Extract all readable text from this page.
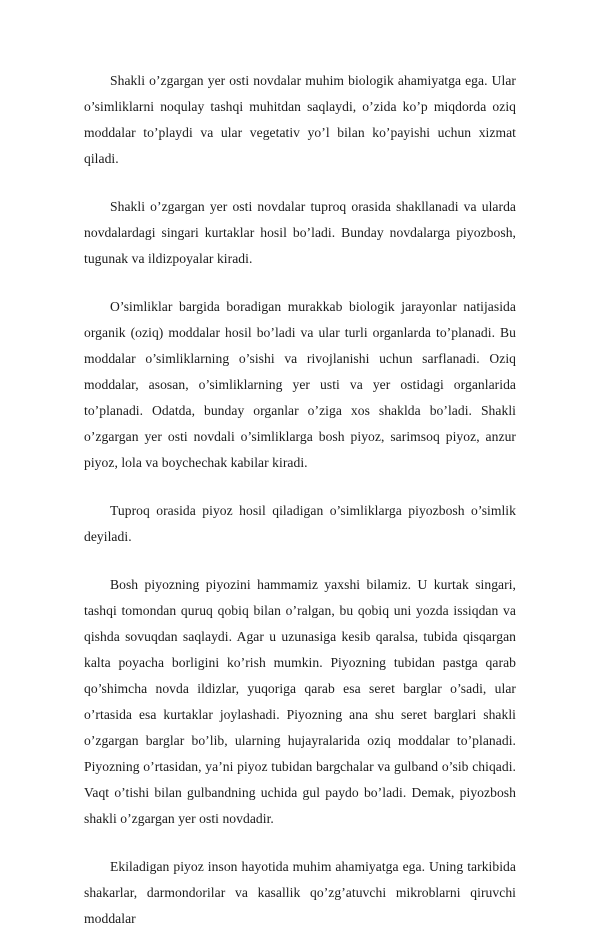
Shakli o’zgargan yer osti novdalar muhim biologik ahamiyatga ega. Ular o’simliklarni noqulay tashqi muhitdan saqlaydi, o’zida ko’p miqdorda oziq moddalar to’playdi va ular vegetativ yo’l bilan ko’payishi uchun xizmat qiladi.

Shakli o’zgargan yer osti novdalar tuproq orasida shakllanadi va ularda novdalardagi singari kurtaklar hosil bo’ladi. Bunday novdalarga piyozbosh, tugunak va ildizpoyalar kiradi.

O’simliklar bargida boradigan murakkab biologik jarayonlar natijasida organik (oziq) moddalar hosil bo’ladi va ular turli organlarda to’planadi. Bu moddalar o’simliklarning o’sishi va rivojlanishi uchun sarflanadi. Oziq moddalar, asosan, o’simliklarning yer usti va yer ostidagi organlarida to’planadi. Odatda, bunday organlar o’ziga xos shaklda bo’ladi. Shakli o’zgargan yer osti novdali o’simliklarga bosh piyoz, sarimsoq piyoz, anzur piyoz, lola va boychechak kabilar kiradi.

Tuproq orasida piyoz hosil qiladigan o’simliklarga piyozbosh o’simlik deyiladi.

Bosh piyozning piyozini hammamiz yaxshi bilamiz. U kurtak singari, tashqi tomondan quruq qobiq bilan o’ralgan, bu qobiq uni yozda issiqdan va qishda sovuqdan saqlaydi. Agar u uzunasiga kesib qaralsa, tubida qisqargan kalta poyacha borligini ko’rish mumkin. Piyozning tubidan pastga qarab qo’shimcha novda ildizlar, yuqoriga qarab esa seret barglar o’sadi, ular o’rtasida esa kurtaklar joylashadi. Piyozning ana shu seret barglari shakli o’zgargan barglar bo’lib, ularning hujayralarida oziq moddalar to’planadi. Piyozning o’rtasidan, ya’ni piyoz tubidan bargchalar va gulband o’sib chiqadi. Vaqt o’tishi bilan gulbandning uchida gul paydo bo’ladi. Demak, piyozbosh shakli o’zgargan yer osti novdadir.

Ekiladigan piyoz inson hayotida muhim ahamiyatga ega. Uning tarkibida shakarlar, darmondorilar va kasallik qo’zg’atuvchi mikroblarni qiruvchi moddalar
